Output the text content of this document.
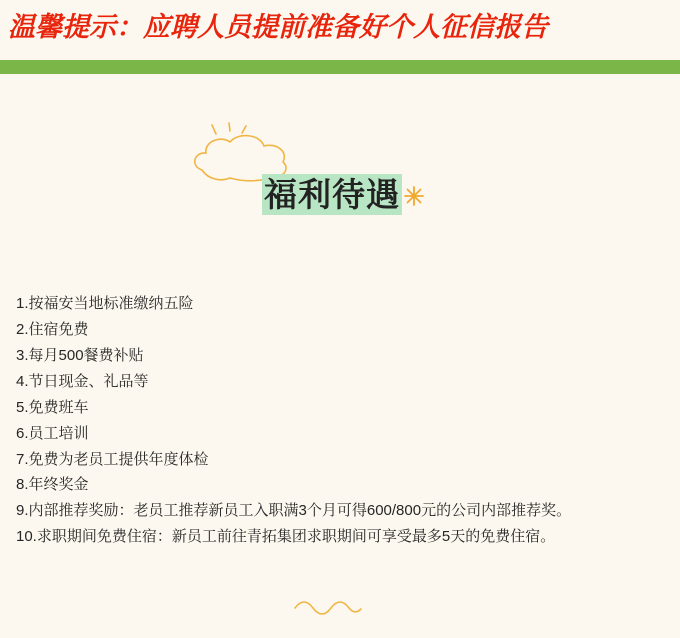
温馨提示：应聘人员提前准备好个人征信报告
福利待遇
1.按福安当地标准缴纳五险
2.住宿免费
3.每月500餐费补贴
4.节日现金、礼品等
5.免费班车
6.员工培训
7.免费为老员工提供年度体检
8.年终奖金
9.内部推荐奖励：老员工推荐新员工入职满3个月可得600/800元的公司内部推荐奖。
10.求职期间免费住宿：新员工前往青拓集团求职期间可享受最多5天的免费住宿。
